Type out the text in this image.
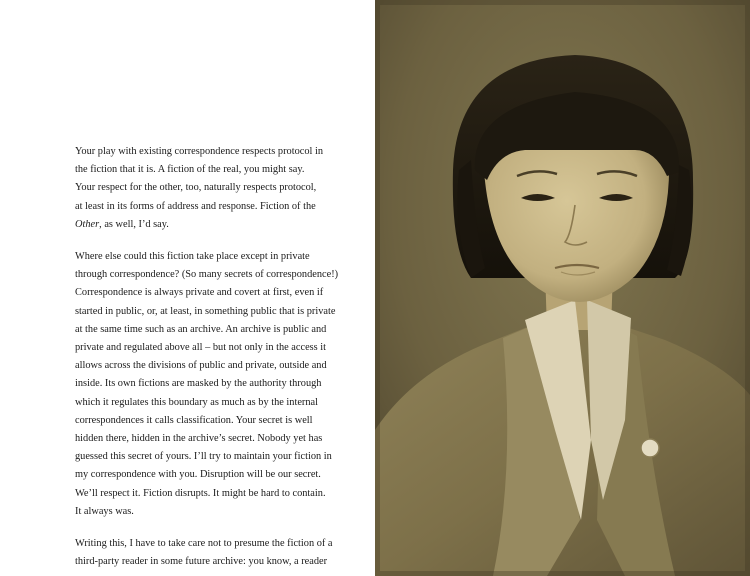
Your play with existing correspondence respects protocol in
the fiction that it is. A fiction of the real, you might say.
Your respect for the other, too, naturally respects protocol,
at least in its forms of address and response. Fiction of the
Other, as well, I’d say.
Where else could this fiction take place except in private
through correspondence? (So many secrets of correspondence!)
Correspondence is always private and covert at first, even if
started in public, or, at least, in something public that is private
at the same time such as an archive. An archive is public and
private and regulated above all – but not only in the access it
allows across the divisions of public and private, outside and
inside. Its own fictions are masked by the authority through
which it regulates this boundary as much as by the internal
correspondences it calls classification. Your secret is well
hidden there, hidden in the archive’s secret. Nobody yet has
guessed this secret of yours. I’ll try to maintain your fiction in
my correspondence with you. Disruption will be our secret.
We’ll respect it. Fiction disrupts. It might be hard to contain.
It always was.
Writing this, I have to take care not to presume the fiction of a
third-party reader in some future archive: you know, a reader
